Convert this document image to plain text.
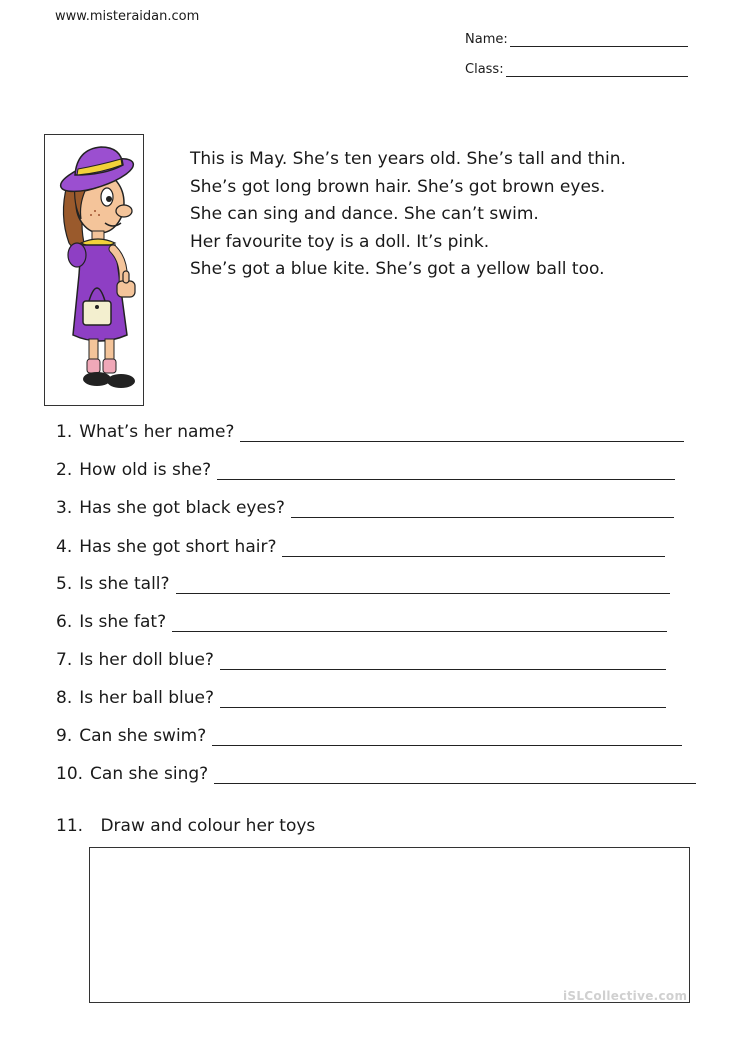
www.misteraidan.com
Name:
Class:
This is May. She’s ten years old. She’s tall and thin.
She’s got long brown hair. She’s got brown eyes.
She can sing and dance. She can’t swim.
Her favourite toy is a doll. It’s pink.
She’s got a blue kite. She’s got a yellow ball too.
1. What’s her name?
2. How old is she?
3. Has she got black eyes?
4. Has she got short hair?
5. Is she tall?
6. Is she fat?
7. Is her doll blue?
8. Is her ball blue?
9. Can she swim?
10. Can she sing?
11. Draw and colour her toys
iSLCollective.com
